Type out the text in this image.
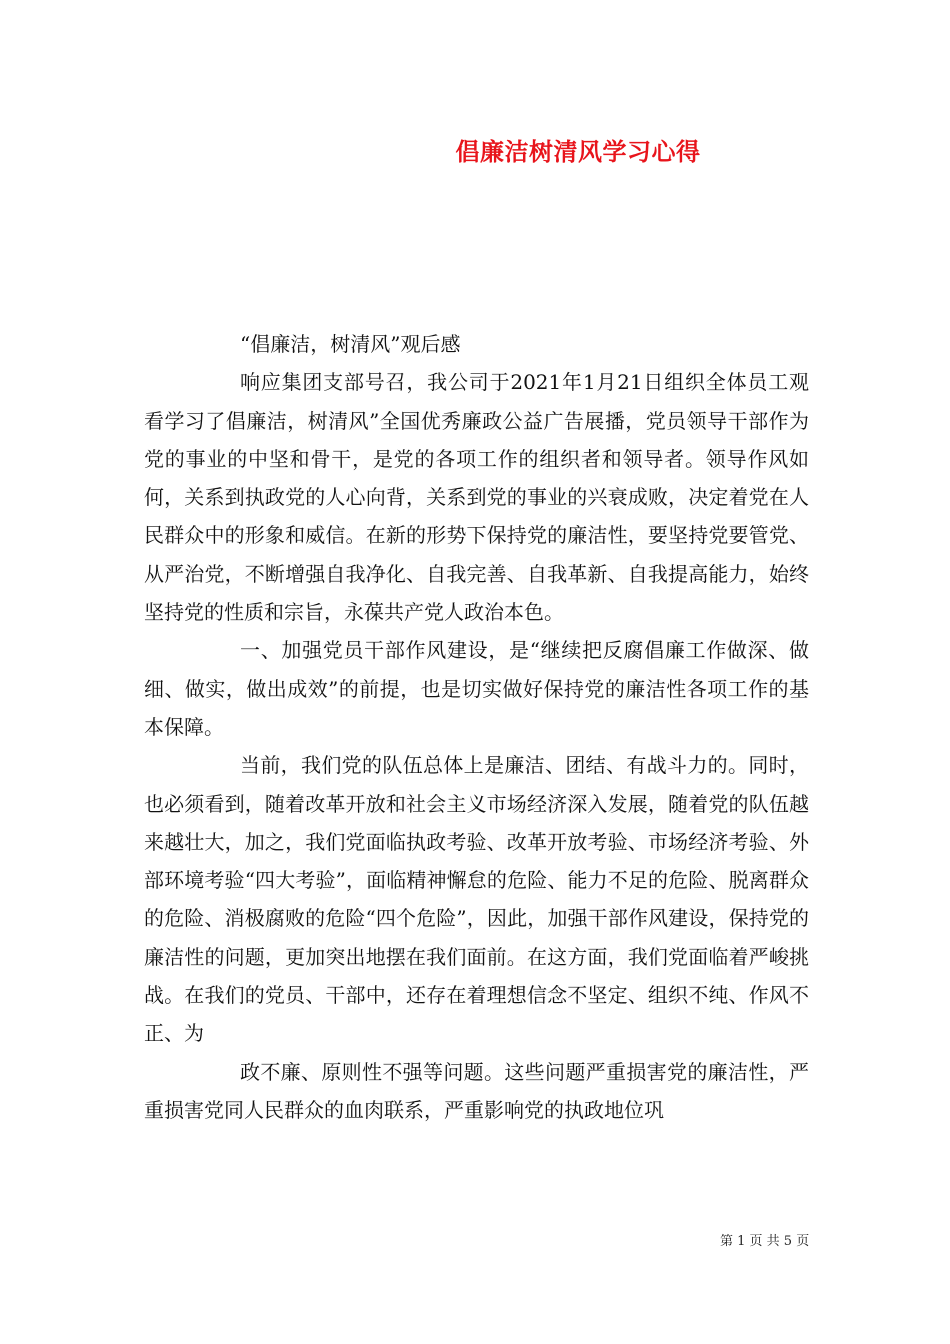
倡廉洁树清风学习心得

“倡廉洁，树清风”观后感

响应集团支部号召，我公司于2021年1月21日组织全体员工观看学习了倡廉洁，树清风”全国优秀廉政公益广告展播，党员领导干部作为党的事业的中坚和骨干，是党的各项工作的组织者和领导者。领导作风如何，关系到执政党的人心向背，关系到党的事业的兴衰成败，决定着党在人民群众中的形象和威信。在新的形势下保持党的廉洁性，要坚持党要管党、从严治党，不断增强自我净化、自我完善、自我革新、自我提高能力，始终坚持党的性质和宗旨，永葆共产党人政治本色。

一、加强党员干部作风建设，是“继续把反腐倡廉工作做深、做细、做实，做出成效”的前提，也是切实做好保持党的廉洁性各项工作的基本保障。

当前，我们党的队伍总体上是廉洁、团结、有战斗力的。同时，也必须看到，随着改革开放和社会主义市场经济深入发展，随着党的队伍越来越壮大，加之，我们党面临执政考验、改革开放考验、市场经济考验、外部环境考验“四大考验”，面临精神懈怠的危险、能力不足的危险、脱离群众的危险、消极腐败的危险“四个危险”，因此，加强干部作风建设，保持党的廉洁性的问题，更加突出地摆在我们面前。在这方面，我们党面临着严峻挑战。在我们的党员、干部中，还存在着理想信念不坚定、组织不纯、作风不正、为

政不廉、原则性不强等问题。这些问题严重损害党的廉洁性，严重损害党同人民群众的血肉联系，严重影响党的执政地位巩

第 1 页 共 5 页
